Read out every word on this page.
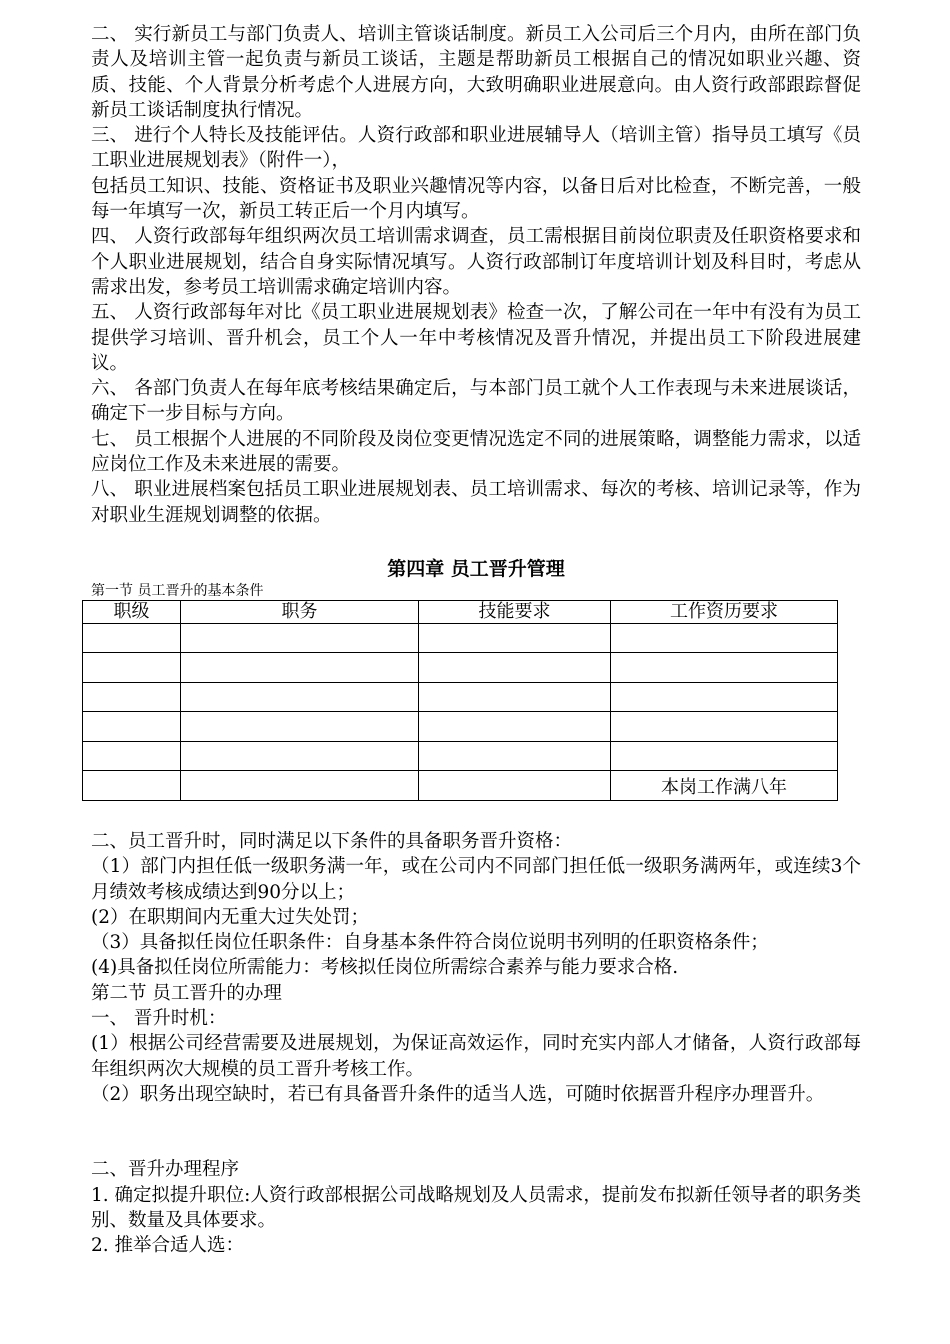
二、 实行新员工与部门负责人、培训主管谈话制度。新员工入公司后三个月内，由所在部门负责人及培训主管一起负责与新员工谈话，主题是帮助新员工根据自己的情况如职业兴趣、资质、技能、个人背景分析考虑个人进展方向，大致明确职业进展意向。由人资行政部跟踪督促新员工谈话制度执行情况。

三、 进行个人特长及技能评估。人资行政部和职业进展辅导人（培训主管）指导员工填写《员工职业进展规划表》（附件一），

包括员工知识、技能、资格证书及职业兴趣情况等内容，以备日后对比检查，不断完善，一般每一年填写一次，新员工转正后一个月内填写。

四、 人资行政部每年组织两次员工培训需求调查，员工需根据目前岗位职责及任职资格要求和个人职业进展规划，结合自身实际情况填写。人资行政部制订年度培训计划及科目时，考虑从需求出发，参考员工培训需求确定培训内容。

五、 人资行政部每年对比《员工职业进展规划表》检查一次，了解公司在一年中有没有为员工提供学习培训、晋升机会，员工个人一年中考核情况及晋升情况，并提出员工下阶段进展建议。

六、 各部门负责人在每年底考核结果确定后，与本部门员工就个人工作表现与未来进展谈话，确定下一步目标与方向。

七、 员工根据个人进展的不同阶段及岗位变更情况选定不同的进展策略，调整能力需求，以适应岗位工作及未来进展的需要。

八、 职业进展档案包括员工职业进展规划表、员工培训需求、每次的考核、培训记录等，作为对职业生涯规划调整的依据。

第四章 员工晋升管理

第一节 员工晋升的基本条件

职级	职务	技能要求	工作资历要求

			本岗工作满八年

二、员工晋升时，同时满足以下条件的具备职务晋升资格：

（1）部门内担任低一级职务满一年，或在公司内不同部门担任低一级职务满两年，或连续3个月绩效考核成绩达到90分以上；

(2）在职期间内无重大过失处罚；

（3）具备拟任岗位任职条件：自身基本条件符合岗位说明书列明的任职资格条件；

(4)具备拟任岗位所需能力：考核拟任岗位所需综合素养与能力要求合格.

第二节 员工晋升的办理

一、 晋升时机：

(1）根据公司经营需要及进展规划，为保证高效运作，同时充实内部人才储备，人资行政部每年组织两次大规模的员工晋升考核工作。

（2）职务出现空缺时，若已有具备晋升条件的适当人选，可随时依据晋升程序办理晋升。

二、晋升办理程序

1. 确定拟提升职位:人资行政部根据公司战略规划及人员需求，提前发布拟新任领导者的职务类别、数量及具体要求。

2. 推举合适人选：
